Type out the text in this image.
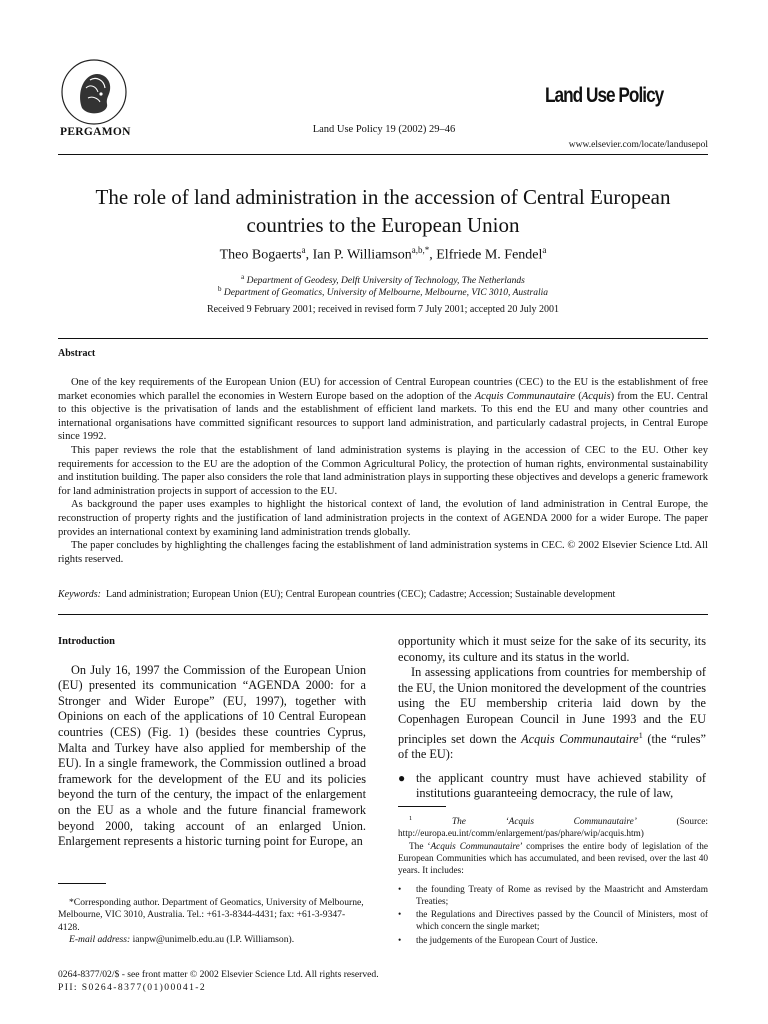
PERGAMON	Land Use Policy 19 (2002) 29–46
Land Use Policy
www.elsevier.com/locate/landusepol
The role of land administration in the accession of Central European countries to the European Union
Theo Bogaerts$^a$, Ian P. Williamson$^{a,b,*}$, Elfriede M. Fendel$^a$
$^a$ Department of Geodesy, Delft University of Technology, The Netherlands
$^b$ Department of Geomatics, University of Melbourne, Melbourne, VIC 3010, Australia
Received 9 February 2001; received in revised form 7 July 2001; accepted 20 July 2001
Abstract

One of the key requirements of the European Union (EU) for accession of Central European countries (CEC) to the EU is the establishment of free market economies which parallel the economies in Western Europe based on the adoption of the Acquis Communautaire (Acquis) from the EU. Central to this objective is the privatisation of lands and the establishment of efficient land markets. To this end the EU and many other countries and international organisations have committed significant resources to support land administration, and particularly cadastral projects, in Central Europe since 1992.

This paper reviews the role that the establishment of land administration systems is playing in the accession of CEC to the EU. Other key requirements for accession to the EU are the adoption of the Common Agricultural Policy, the protection of human rights, environmental sustainability and institution building. The paper also considers the role that land administration plays in supporting these objectives and develops a generic framework for land administration projects in support of accession to the EU.

As background the paper uses examples to highlight the historical context of land, the evolution of land administration in Central Europe, the reconstruction of property rights and the justification of land administration projects in the context of AGENDA 2000 for a wider Europe. The paper provides an international context by examining land administration trends globally.

The paper concludes by highlighting the challenges facing the establishment of land administration systems in CEC. © 2002 Elsevier Science Ltd. All rights reserved.

Keywords: Land administration; European Union (EU); Central European countries (CEC); Cadastre; Accession; Sustainable development
Introduction

On July 16, 1997 the Commission of the European Union (EU) presented its communication “AGENDA 2000: for a Stronger and Wider Europe” (EU, 1997), together with Opinions on each of the applications of 10 Central European countries (CES) (Fig. 1) (besides these countries Cyprus, Malta and Turkey have also applied for membership of the EU). In a single framework, the Commission outlined a broad framework for the development of the EU and its policies beyond the turn of the century, the impact of the enlargement on the EU as a whole and the future financial framework beyond 2000, taking account of an enlarged Union. Enlargement represents a historic turning point for Europe, an

opportunity which it must seize for the sake of its security, its economy, its culture and its status in the world.

In assessing applications from countries for membership of the EU, the Union monitored the development of the countries using the EU membership criteria laid down by the Copenhagen European Council in June 1993 and the EU principles set down the Acquis Communautaire$^1$ (the “rules” of the EU):

● the applicant country must have achieved stability of institutions guaranteeing democracy, the rule of law,

$^1$	The ‘Acquis Communautaire’ (Source: http://europa.eu.int/comm/enlargement/pas/phare/wip/acquis.htm)

The ‘Acquis Communautaire’ comprises the entire body of legislation of the European Communities which has accumulated, and been revised, over the last 40 years. It includes:

•	the founding Treaty of Rome as revised by the Maastricht and Amsterdam Treaties;
•	the Regulations and Directives passed by the Council of Ministers, most of which concern the single market;
•	the judgements of the European Court of Justice.

*Corresponding author. Department of Geomatics, University of Melbourne, Melbourne, VIC 3010, Australia. Tel.: +61-3-8344-4431; fax: +61-3-9347-4128.

E-mail address: ianpw@unimelb.edu.au (I.P. Williamson).

0264-8377/02/$ - see front matter © 2002 Elsevier Science Ltd. All rights reserved.
PII: S0264-8377(01)00041-2
